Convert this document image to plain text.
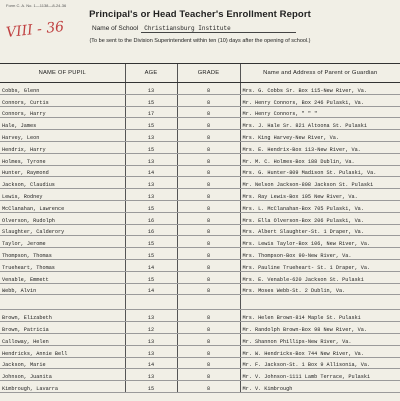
Form C. A. No. 1—1138—8-24-36
VIII - 36
Principal's or Head Teacher's Enrollment Report
Name of School Christiansburg Institute
(To be sent to the Division Superintendent within ten (10) days after the opening of school.)
NAME OF PUPIL	AGE	GRADE	Name and Address of Parent or Guardian
Cobbs, Glenn	13	8	Mrs. G. Cobbs Sr. Box 115-New River, Va.
Connors, Curtis	15	8	Mr. Henry Connors, Box 246 Pulaski, Va.
Connors, Harry	17	8	Mr. Henry Connors, " " "
Hale, James	15	8	Mrs. J. Hale Sr. 821 Altoona St. Pulaski
Harvey, Leon	13	8	Mrs. King Harvey-New River, Va.
Hendrix, Harry	15	8	Mrs. E. Hendrix-Box 113-New River, Va.
Holmes, Tyrone	13	8	Mr. M. C. Holmes-Box 188 Dublin, Va.
Hunter, Raymond	14	8	Mrs. G. Hunter-809 Madison St. Pulaski, Va.
Jackson, Claudius	13	8	Mr. Nelson Jackson-808 Jackson St. Pulaski
Lewis, Rodney	13	8	Mrs. Ray Lewis-Box 105 New River, Va.
McClanahan, Lawrence	15	8	Mrs. L. McClanahan-Box 705 Pulaski, Va.
Olverson, Rudolph	16	8	Mrs. Ella Olverson-Box 206 Pulaski, Va.
Slaughter, Calderory	16	8	Mrs. Albert Slaughter-St. 1 Draper, Va.
Taylor, Jerome	15	8	Mrs. Lewis Taylor-Box 106, New River, Va.
Thompson, Thomas	15	8	Mrs. Thompson-Box 90-New River, Va.
Trueheart, Thomas	14	8	Mrs. Pauline Trueheart- St. 1 Draper, Va.
Venable, Emmett	15	8	Mrs. E. Venable-620 Jackson St. Pulaski
Webb, Alvin	14	8	Mrs. Moses Webb-St. 2 Dublin, Va.

Brown, Elizabeth	13	8	Mrs. Helen Brown-814 Maple St. Pulaski
Brown, Patricia	12	8	Mr. Randolph Brown-Box 98 New River, Va.
Calloway, Helen	13	8	Mr. Shannon Phillips-New River, Va.
Hendricks, Annie Bell	13	8	Mr. W. Hendricks-Box 744 New River, Va.
Jackson, Marie	14	8	Mr. F. Jackson-St. 1 Box 9 Allisonia, Va.
Johnson, Juanita	13	8	Mr. V. Johnson-1111 Lamb Terrace, Pulaski
Kimbrough, Lavarra	15	8	Mr. V. Kimbrough
